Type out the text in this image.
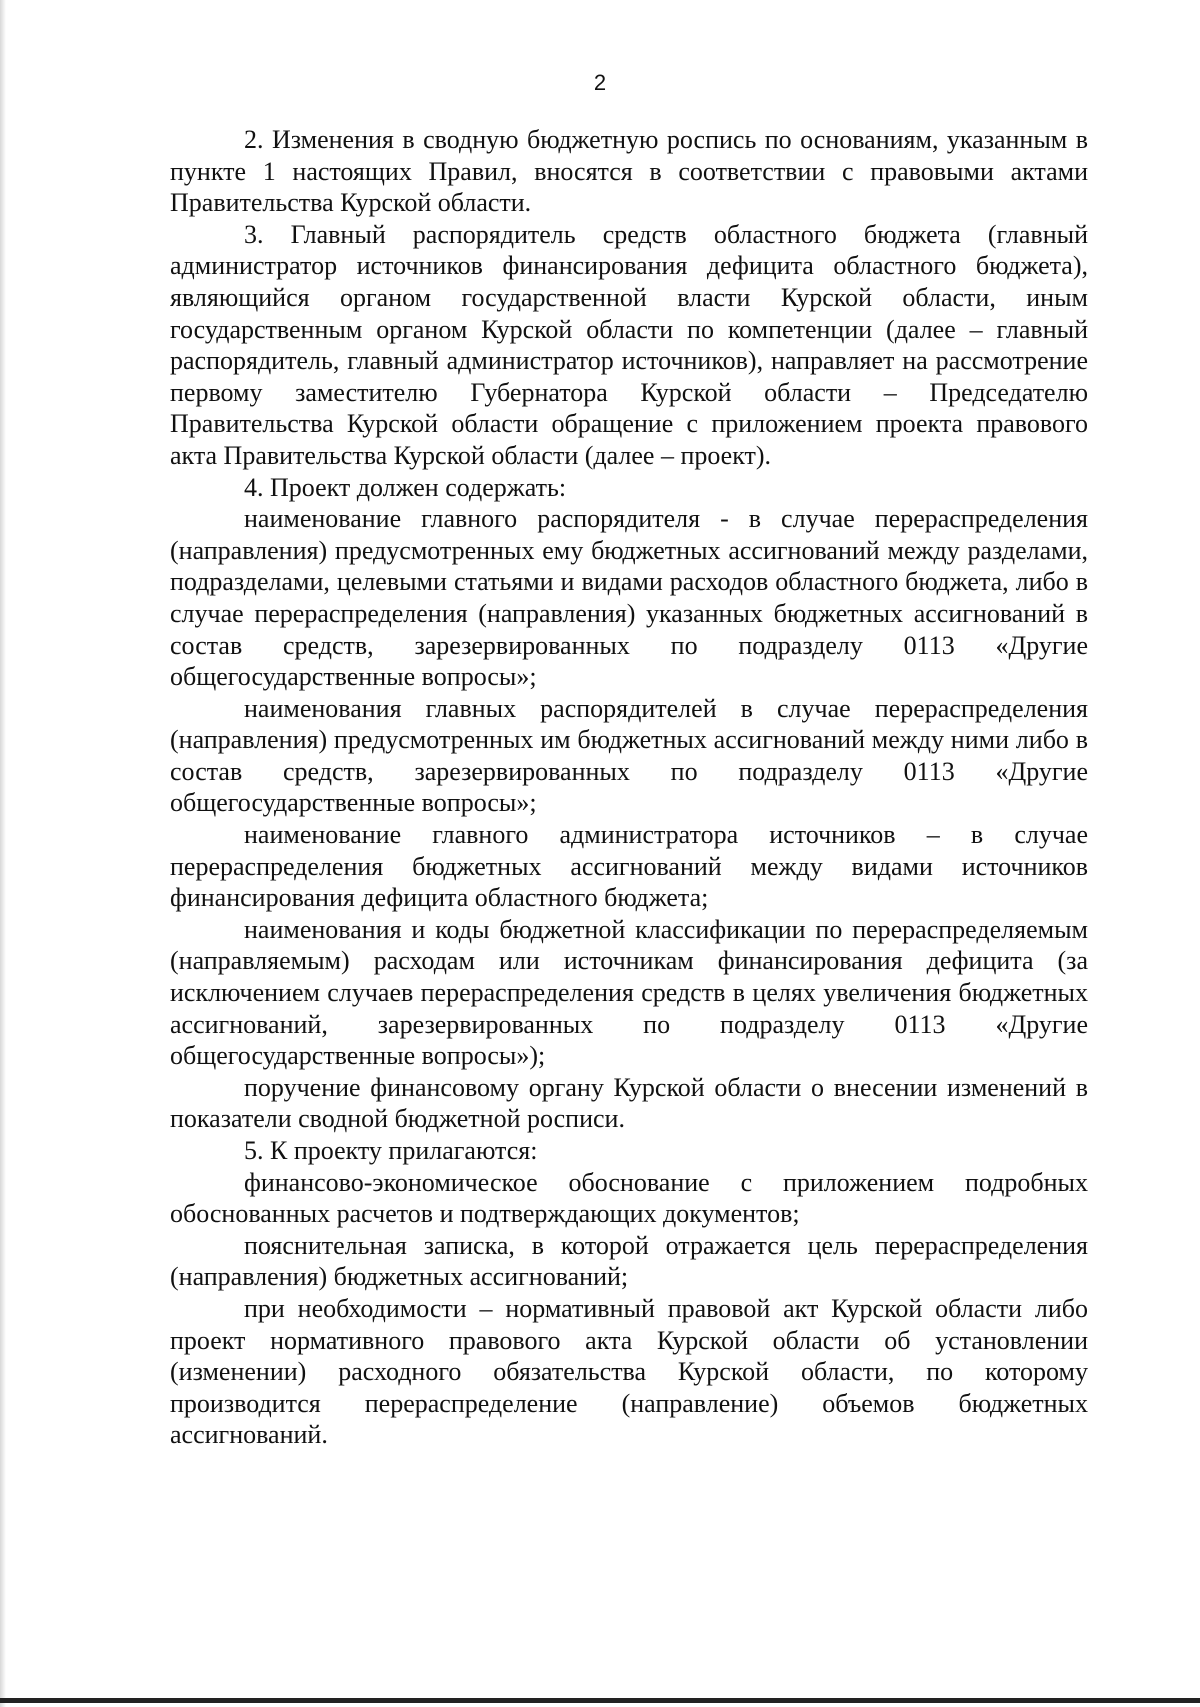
2

2. Изменения в сводную бюджетную роспись по основаниям, указанным в пункте 1 настоящих Правил, вносятся в соответствии с правовыми актами Правительства Курской области.

3. Главный распорядитель средств областного бюджета (главный администратор источников финансирования дефицита областного бюджета), являющийся органом государственной власти Курской области, иным государственным органом Курской области по компетенции (далее – главный распорядитель, главный администратор источников), направляет на рассмотрение первому заместителю Губернатора Курской области – Председателю Правительства Курской области обращение с приложением проекта правового акта Правительства Курской области (далее – проект).

4. Проект должен содержать:

наименование главного распорядителя - в случае перераспределения (направления) предусмотренных ему бюджетных ассигнований между разделами, подразделами, целевыми статьями и видами расходов областного бюджета, либо в случае перераспределения (направления) указанных бюджетных ассигнований в состав средств, зарезервированных по подразделу 0113 «Другие общегосударственные вопросы»;

наименования главных распорядителей в случае перераспределения (направления) предусмотренных им бюджетных ассигнований между ними либо в состав средств, зарезервированных по подразделу 0113 «Другие общегосударственные вопросы»;

наименование главного администратора источников – в случае перераспределения бюджетных ассигнований между видами источников финансирования дефицита областного бюджета;

наименования и коды бюджетной классификации по перераспределяемым (направляемым) расходам или источникам финансирования дефицита (за исключением случаев перераспределения средств в целях увеличения бюджетных ассигнований, зарезервированных по подразделу 0113 «Другие общегосударственные вопросы»);

поручение финансовому органу Курской области о внесении изменений в показатели сводной бюджетной росписи.

5. К проекту прилагаются:

финансово-экономическое обоснование с приложением подробных обоснованных расчетов и подтверждающих документов;

пояснительная записка, в которой отражается цель перераспределения (направления) бюджетных ассигнований;

при необходимости – нормативный правовой акт Курской области либо проект нормативного правового акта Курской области об установлении (изменении) расходного обязательства Курской области, по которому производится перераспределение (направление) объемов бюджетных ассигнований.
